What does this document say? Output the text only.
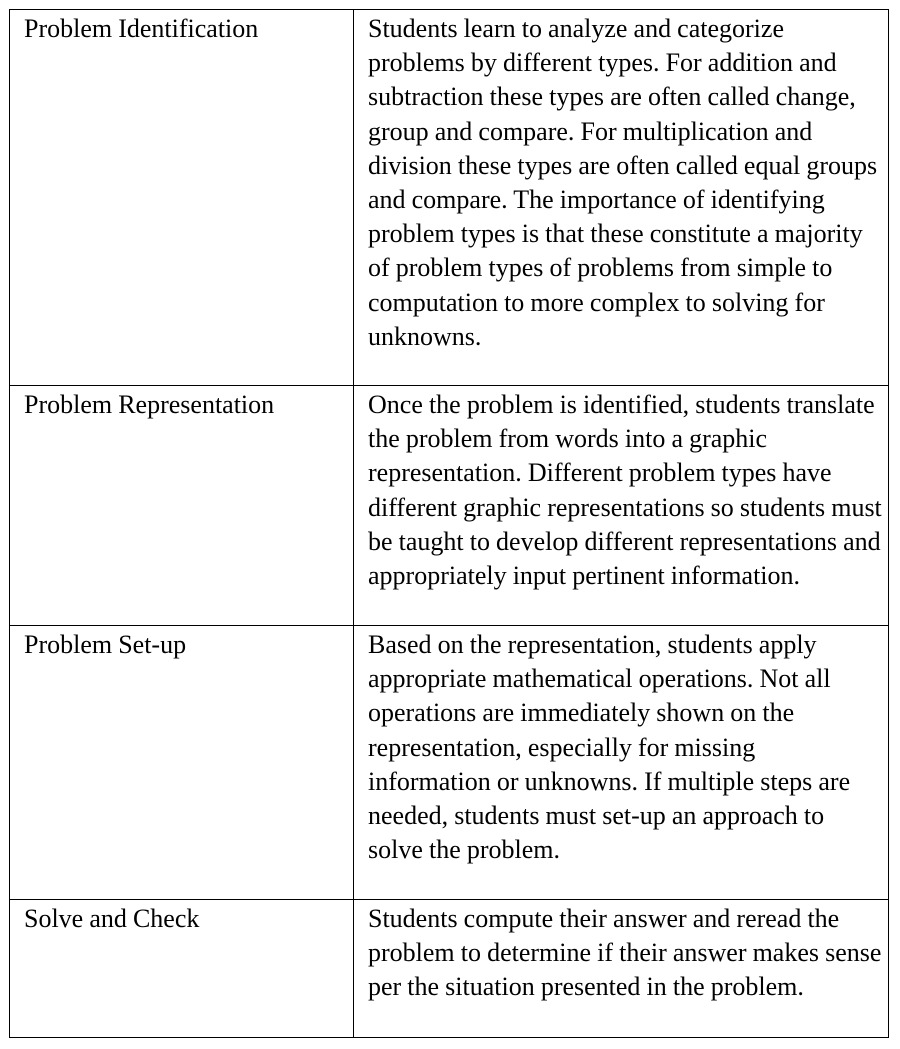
Problem Identification	Students learn to analyze and categorize problems by different types. For addition and subtraction these types are often called change, group and compare. For multiplication and division these types are often called equal groups and compare. The importance of identifying problem types is that these constitute a majority of problem types of problems from simple to computation to more complex to solving for unknowns.
Problem Representation	Once the problem is identified, students translate the problem from words into a graphic representation. Different problem types have different graphic representations so students must be taught to develop different representations and appropriately input pertinent information.
Problem Set-up	Based on the representation, students apply appropriate mathematical operations. Not all operations are immediately shown on the representation, especially for missing information or unknowns. If multiple steps are needed, students must set-up an approach to solve the problem.
Solve and Check	Students compute their answer and reread the problem to determine if their answer makes sense per the situation presented in the problem.
